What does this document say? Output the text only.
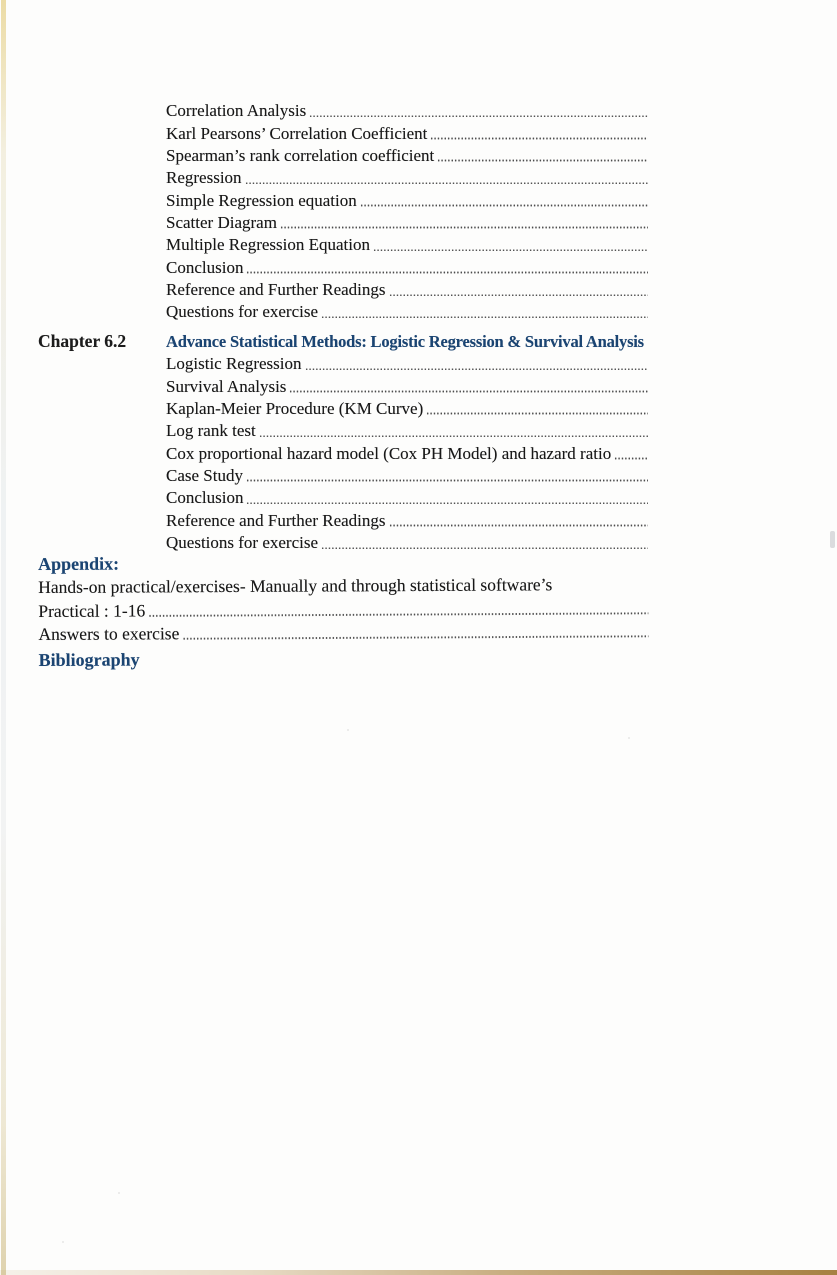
Correlation Analysis
Karl Pearsons’ Correlation Coefficient
Spearman’s rank correlation coefficient
Regression
Simple Regression equation
Scatter Diagram
Multiple Regression Equation
Conclusion
Reference and Further Readings
Questions for exercise
Chapter 6.2	Advance Statistical Methods: Logistic Regression & Survival Analysis
Logistic Regression
Survival Analysis
Kaplan-Meier Procedure (KM Curve)
Log rank test
Cox proportional hazard model (Cox PH Model) and hazard ratio
Case Study
Conclusion
Reference and Further Readings
Questions for exercise
Appendix:
Hands-on practical/exercises- Manually and through statistical software’s
Practical : 1-16
Answers to exercise
Bibliography
